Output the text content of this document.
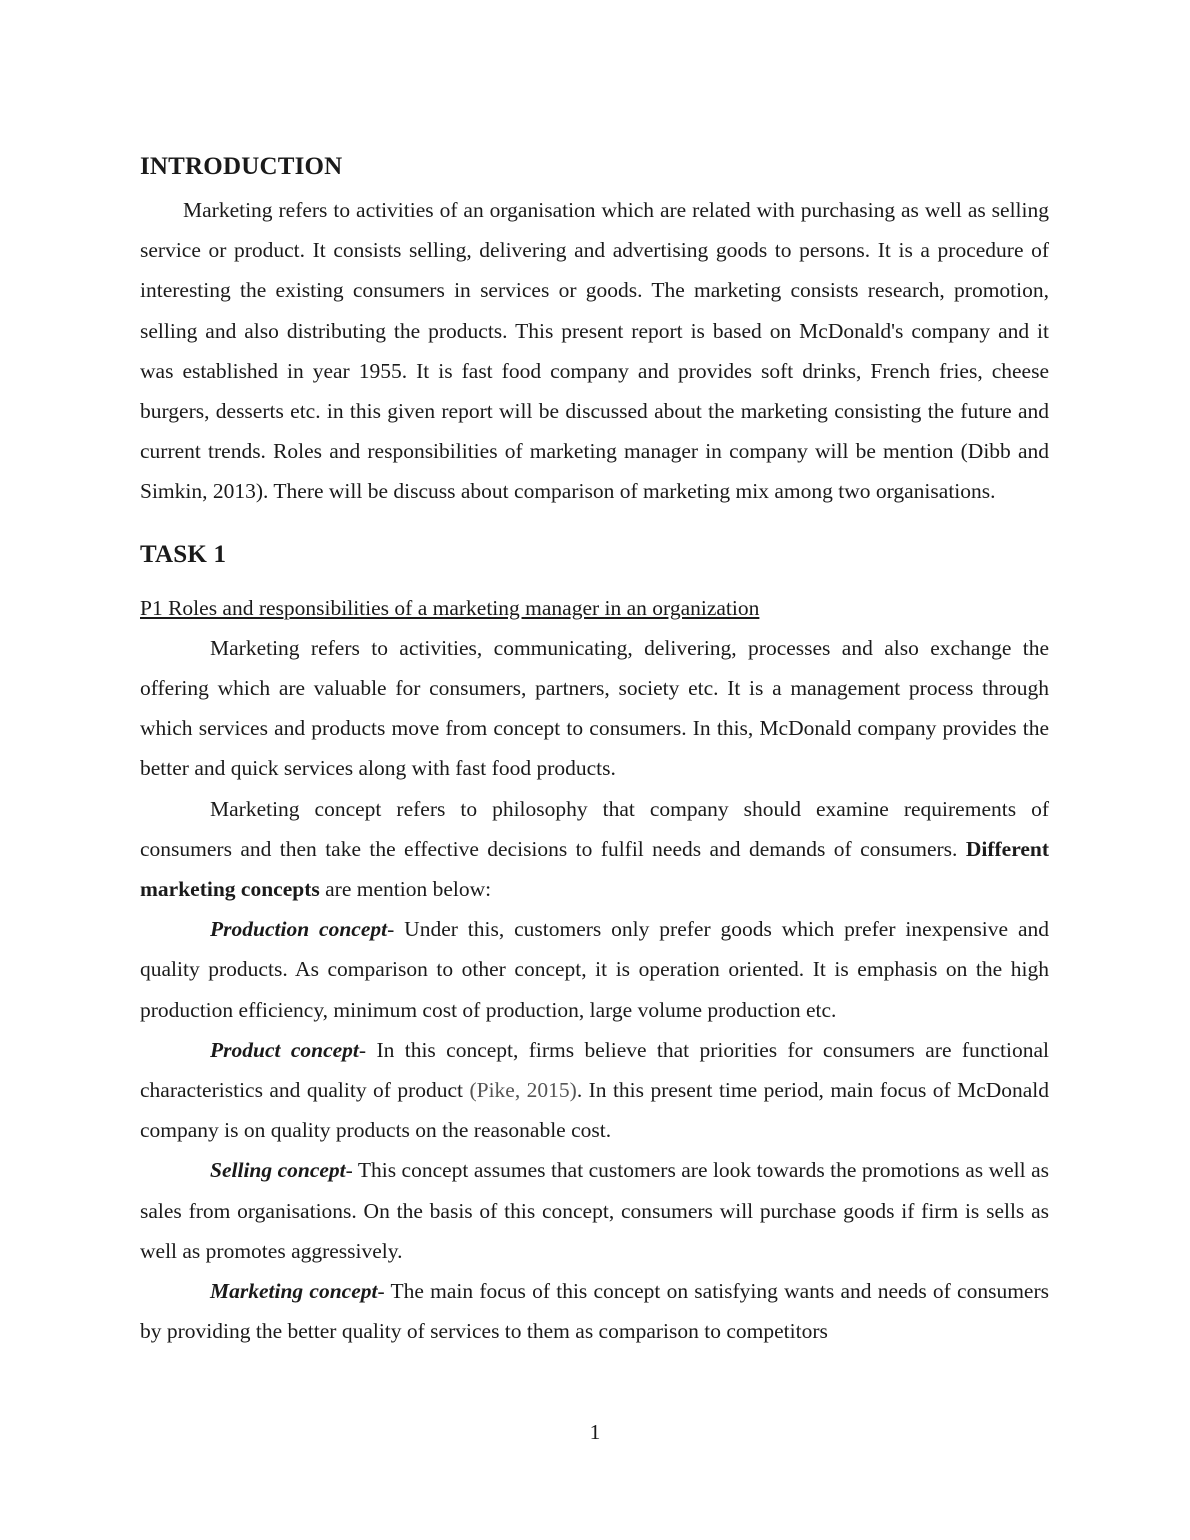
INTRODUCTION

Marketing refers to activities of an organisation which are related with purchasing as well as selling service or product. It consists selling, delivering and advertising goods to persons. It is a procedure of interesting the existing consumers in services or goods. The marketing consists research, promotion, selling and also distributing the products. This present report is based on McDonald's company and it was established in year 1955. It is fast food company and provides soft drinks, French fries, cheese burgers, desserts etc. in this given report will be discussed about the marketing consisting the future and current trends. Roles and responsibilities of marketing manager in company will be mention (Dibb and Simkin, 2013). There will be discuss about comparison of marketing mix among two organisations.

TASK 1

P1 Roles and responsibilities of a marketing manager in an organization

Marketing refers to activities, communicating, delivering, processes and also exchange the offering which are valuable for consumers, partners, society etc. It is a management process through which services and products move from concept to consumers. In this, McDonald company provides the better and quick services along with fast food products.

Marketing concept refers to philosophy that company should examine requirements of consumers and then take the effective decisions to fulfil needs and demands of consumers. Different marketing concepts are mention below:

Production concept- Under this, customers only prefer goods which prefer inexpensive and quality products. As comparison to other concept, it is operation oriented. It is emphasis on the high production efficiency, minimum cost of production, large volume production etc.

Product concept- In this concept, firms believe that priorities for consumers are functional characteristics and quality of product (Pike, 2015). In this present time period, main focus of McDonald company is on quality products on the reasonable cost.

Selling concept- This concept assumes that customers are look towards the promotions as well as sales from organisations. On the basis of this concept, consumers will purchase goods if firm is sells as well as promotes aggressively.

Marketing concept- The main focus of this concept on satisfying wants and needs of consumers by providing the better quality of services to them as comparison to competitors

1
